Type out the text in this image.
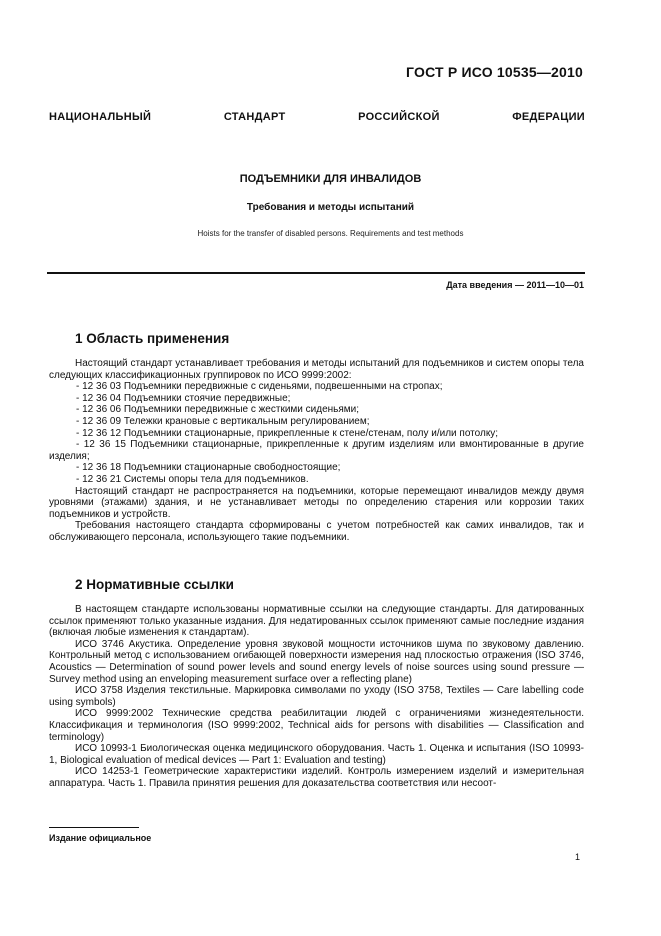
ГОСТ Р ИСО 10535—2010
НАЦИОНАЛЬНЫЙ СТАНДАРТ РОССИЙСКОЙ ФЕДЕРАЦИИ
ПОДЪЕМНИКИ ДЛЯ ИНВАЛИДОВ
Требования и методы испытаний
Hoists for the transfer of disabled persons. Requirements and test methods
Дата введения — 2011—10—01
1 Область применения

Настоящий стандарт устанавливает требования и методы испытаний для подъемников и систем опоры тела следующих классификационных группировок по ИСО 9999:2002:

- 12 36 03 Подъемники передвижные с сиденьями, подвешенными на стропах;

- 12 36 04 Подъемники стоячие передвижные;

- 12 36 06 Подъемники передвижные с жесткими сиденьями;

- 12 36 09 Тележки крановые с вертикальным регулированием;

- 12 36 12 Подъемники стационарные, прикрепленные к стене/стенам, полу и/или потолку;

- 12 36 15 Подъемники стационарные, прикрепленные к другим изделиям или вмонтированные в другие изделия;

- 12 36 18 Подъемники стационарные свободностоящие;

- 12 36 21 Системы опоры тела для подъемников.

Настоящий стандарт не распространяется на подъемники, которые перемещают инвалидов между двумя уровнями (этажами) здания, и не устанавливает методы по определению старения или коррозии таких подъемников и устройств.

Требования настоящего стандарта сформированы с учетом потребностей как самих инвалидов, так и обслуживающего персонала, использующего такие подъемники.

2 Нормативные ссылки

В настоящем стандарте использованы нормативные ссылки на следующие стандарты. Для датированных ссылок применяют только указанные издания. Для недатированных ссылок применяют самые последние издания (включая любые изменения к стандартам).

ИСО 3746 Акустика. Определение уровня звуковой мощности источников шума по звуковому давлению. Контрольный метод с использованием огибающей поверхности измерения над плоскостью отражения (ISO 3746, Acoustics — Determination of sound power levels and sound energy levels of noise sources using sound pressure — Survey method using an enveloping measurement surface over a reflecting plane)

ИСО 3758 Изделия текстильные. Маркировка символами по уходу (ISO 3758, Textiles — Care labelling code using symbols)

ИСО 9999:2002 Технические средства реабилитации людей с ограничениями жизнедеятельности. Классификация и терминология (ISO 9999:2002, Technical aids for persons with disabilities — Classification and terminology)

ИСО 10993-1 Биологическая оценка медицинского оборудования. Часть 1. Оценка и испытания (ISO 10993-1, Biological evaluation of medical devices — Part 1: Evaluation and testing)

ИСО 14253-1 Геометрические характеристики изделий. Контроль измерением изделий и измерительная аппаратура. Часть 1. Правила принятия решения для доказательства соответствия или несоот-

Издание официальное
1
